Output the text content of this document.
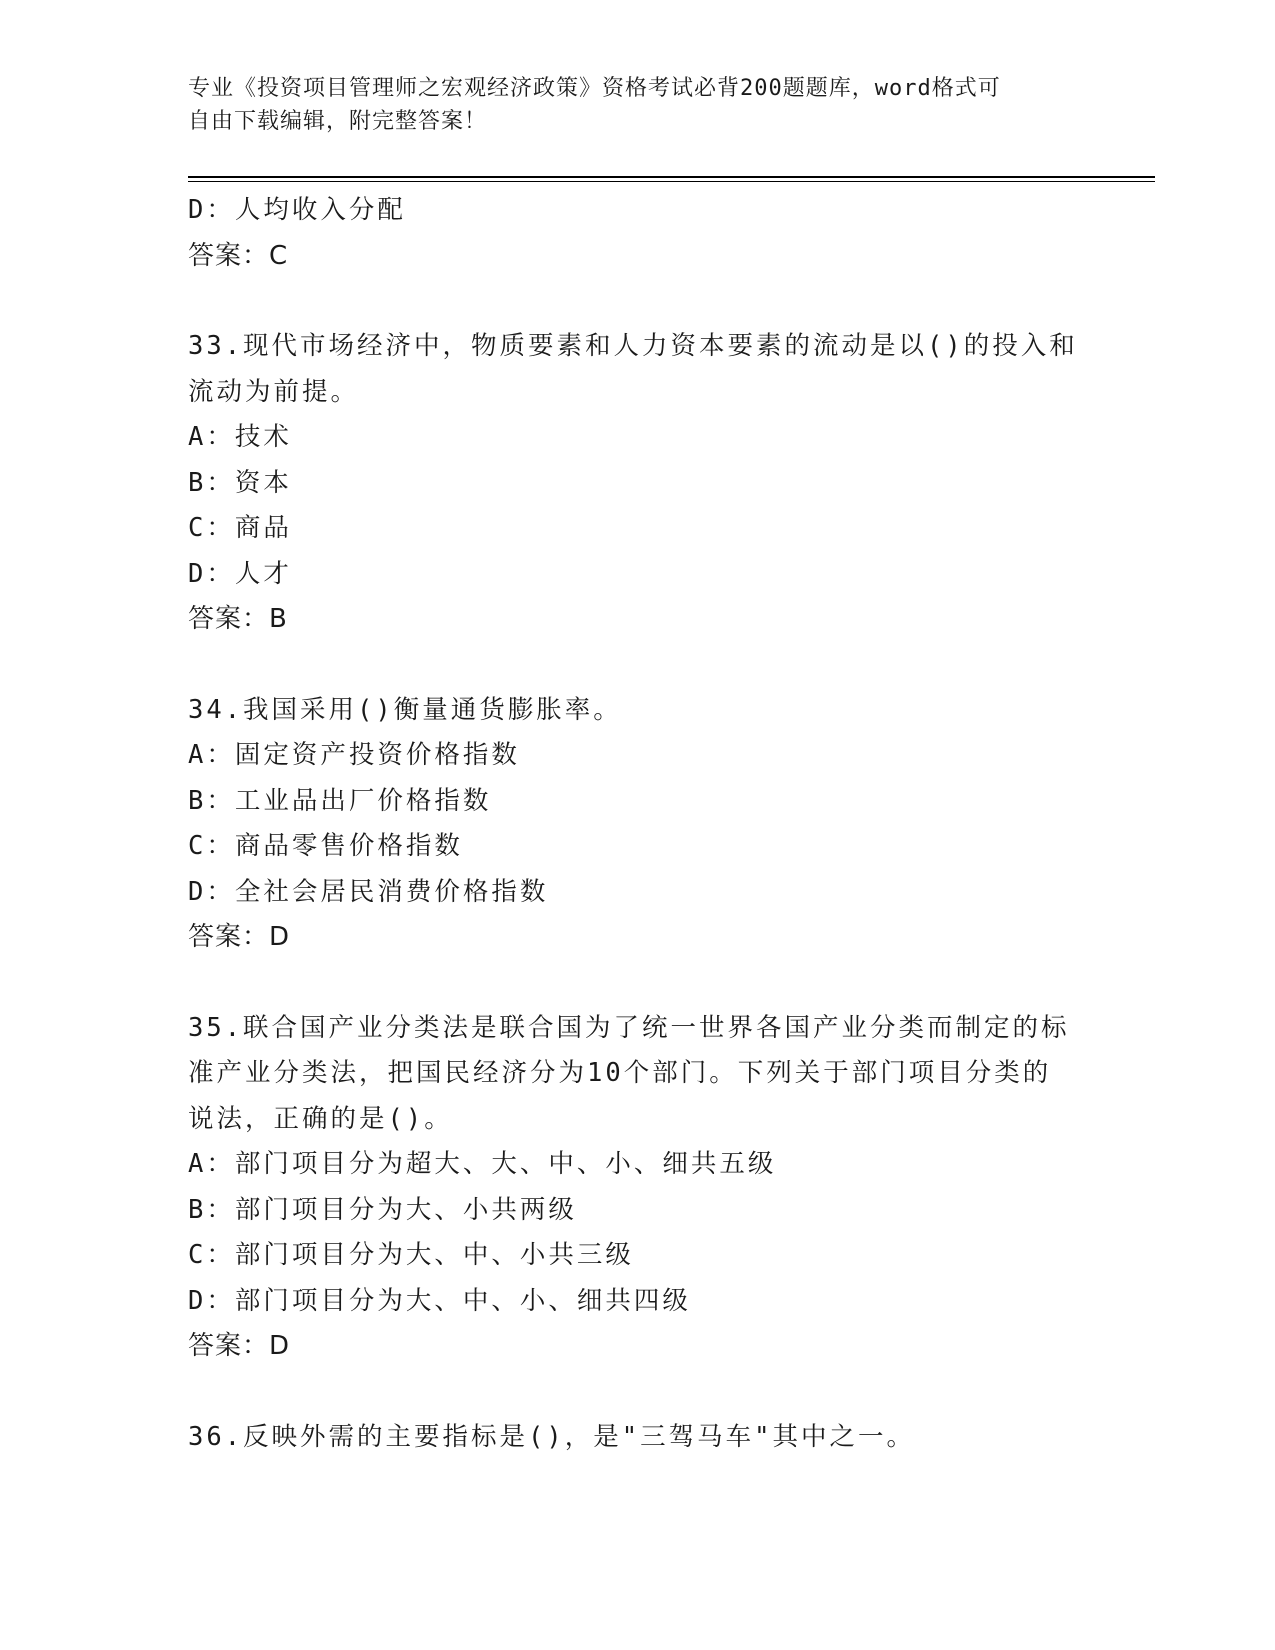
专业《投资项目管理师之宏观经济政策》资格考试必背200题题库，word格式可
自由下载编辑，附完整答案！
D：人均收入分配
答案：C
33.现代市场经济中，物质要素和人力资本要素的流动是以()的投入和
流动为前提。
A：技术
B：资本
C：商品
D：人才
答案：B
34.我国采用()衡量通货膨胀率。
A：固定资产投资价格指数
B：工业品出厂价格指数
C：商品零售价格指数
D：全社会居民消费价格指数
答案：D
35.联合国产业分类法是联合国为了统一世界各国产业分类而制定的标
准产业分类法，把国民经济分为10个部门。下列关于部门项目分类的
说法，正确的是()。
A：部门项目分为超大、大、中、小、细共五级
B：部门项目分为大、小共两级
C：部门项目分为大、中、小共三级
D：部门项目分为大、中、小、细共四级
答案：D
36.反映外需的主要指标是()，是"三驾马车"其中之一。
